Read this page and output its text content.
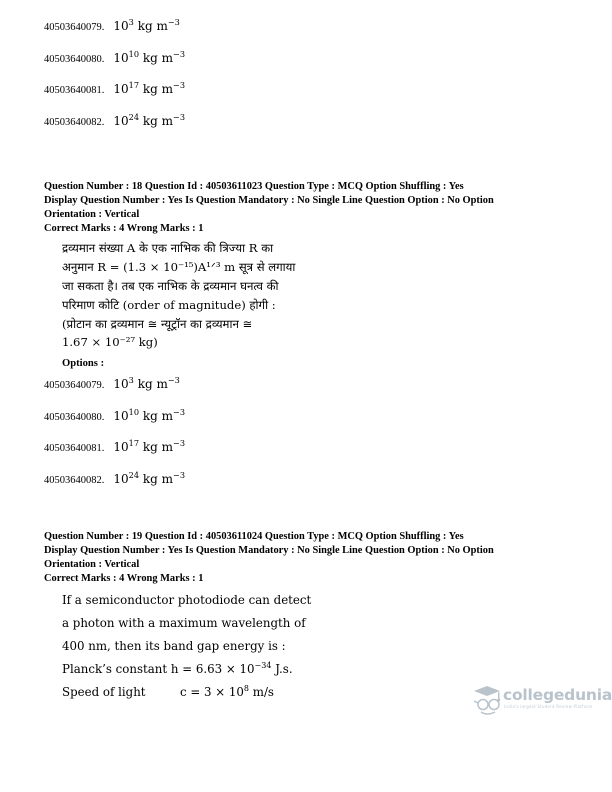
40503640079. $10^3$ kg $m^{-3}$
40503640080. $10^{10}$ kg $m^{-3}$
40503640081. $10^{17}$ kg $m^{-3}$
40503640082. $10^{24}$ kg $m^{-3}$
Question Number : 18 Question Id : 40503611023 Question Type : MCQ Option Shuffling : Yes
Display Question Number : Yes Is Question Mandatory : No Single Line Question Option : No Option
Orientation : Vertical
Correct Marks : 4 Wrong Marks : 1
द्रव्यमान संख्या A के एक नाभिक की त्रिज्या R का
अनुमान R = (1.3 × 10⁻¹⁵)A¹ᐟ³ m सूत्र से लगाया
जा सकता है। तब एक नाभिक के द्रव्यमान घनत्व की
परिमाण कोटि (order of magnitude) होगी :
(प्रोटान का द्रव्यमान ≅ न्यूट्रॉन का द्रव्यमान ≅
1.67 × 10⁻²⁷ kg)
Options :
40503640079. $10^3$ kg $m^{-3}$
40503640080. $10^{10}$ kg $m^{-3}$
40503640081. $10^{17}$ kg $m^{-3}$
40503640082. $10^{24}$ kg $m^{-3}$
Question Number : 19 Question Id : 40503611024 Question Type : MCQ Option Shuffling : Yes
Display Question Number : Yes Is Question Mandatory : No Single Line Question Option : No Option
Orientation : Vertical
Correct Marks : 4 Wrong Marks : 1
If a semiconductor photodiode can detect
a photon with a maximum wavelength of
400 nm, then its band gap energy is :
Planck’s constant $h = 6.63 \times 10^{-34}$ J.s.
Speed of light	$c = 3 \times 10^8$ m/s	collegedunia
India's largest Student Review Platform
